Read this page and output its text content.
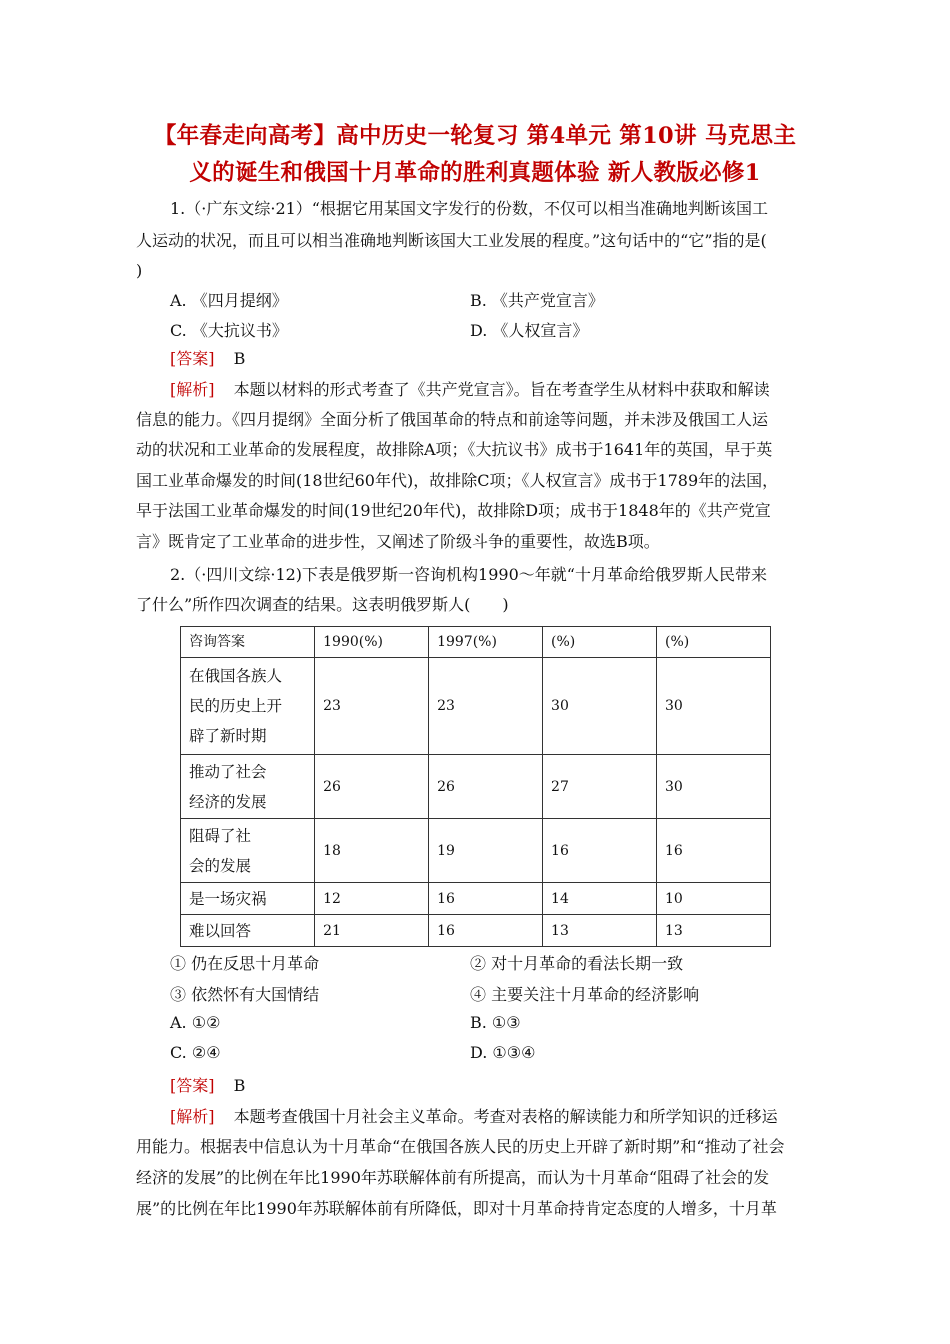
【年春走向高考】高中历史一轮复习 第4单元 第10讲 马克思主
义的诞生和俄国十月革命的胜利真题体验 新人教版必修1
1.（·广东文综·21）“根据它用某国文字发行的份数，不仅可以相当准确地判断该国工
人运动的状况，而且可以相当准确地判断该国大工业发展的程度。”这句话中的“它”指的是(
)
A. 《四月提纲》	B. 《共产党宣言》
C. 《大抗议书》	D. 《人权宣言》
[答案] B
[解析] 本题以材料的形式考查了《共产党宣言》。旨在考查学生从材料中获取和解读
信息的能力。《四月提纲》全面分析了俄国革命的特点和前途等问题，并未涉及俄国工人运
动的状况和工业革命的发展程度，故排除A项；《大抗议书》成书于1641年的英国，早于英
国工业革命爆发的时间(18世纪60年代)，故排除C项；《人权宣言》成书于1789年的法国，
早于法国工业革命爆发的时间(19世纪20年代)，故排除D项；成书于1848年的《共产党宣
言》既肯定了工业革命的进步性，又阐述了阶级斗争的重要性，故选B项。
2.（·四川文综·12)下表是俄罗斯一咨询机构1990～年就“十月革命给俄罗斯人民带来
了什么”所作四次调查的结果。这表明俄罗斯人(　　)
咨询答案	1990(%)	1997(%)	(%)	(%)

在俄国各族人
民的历史上开
辟了新时期	23	23	30	30

推动了社会
经济的发展	26	26	27	30

阻碍了社
会的发展	18	19	16	16

是一场灾祸	12	16	14	10

难以回答	21	16	13	13
① 仍在反思十月革命	② 对十月革命的看法长期一致
③ 依然怀有大国情结	④ 主要关注十月革命的经济影响
A. ①②	B. ①③
C. ②④	D. ①③④
[答案] B
[解析] 本题考查俄国十月社会主义革命。考查对表格的解读能力和所学知识的迁移运
用能力。根据表中信息认为十月革命“在俄国各族人民的历史上开辟了新时期”和“推动了社会
经济的发展”的比例在年比1990年苏联解体前有所提高，而认为十月革命“阻碍了社会的发
展”的比例在年比1990年苏联解体前有所降低，即对十月革命持肯定态度的人增多，十月革
